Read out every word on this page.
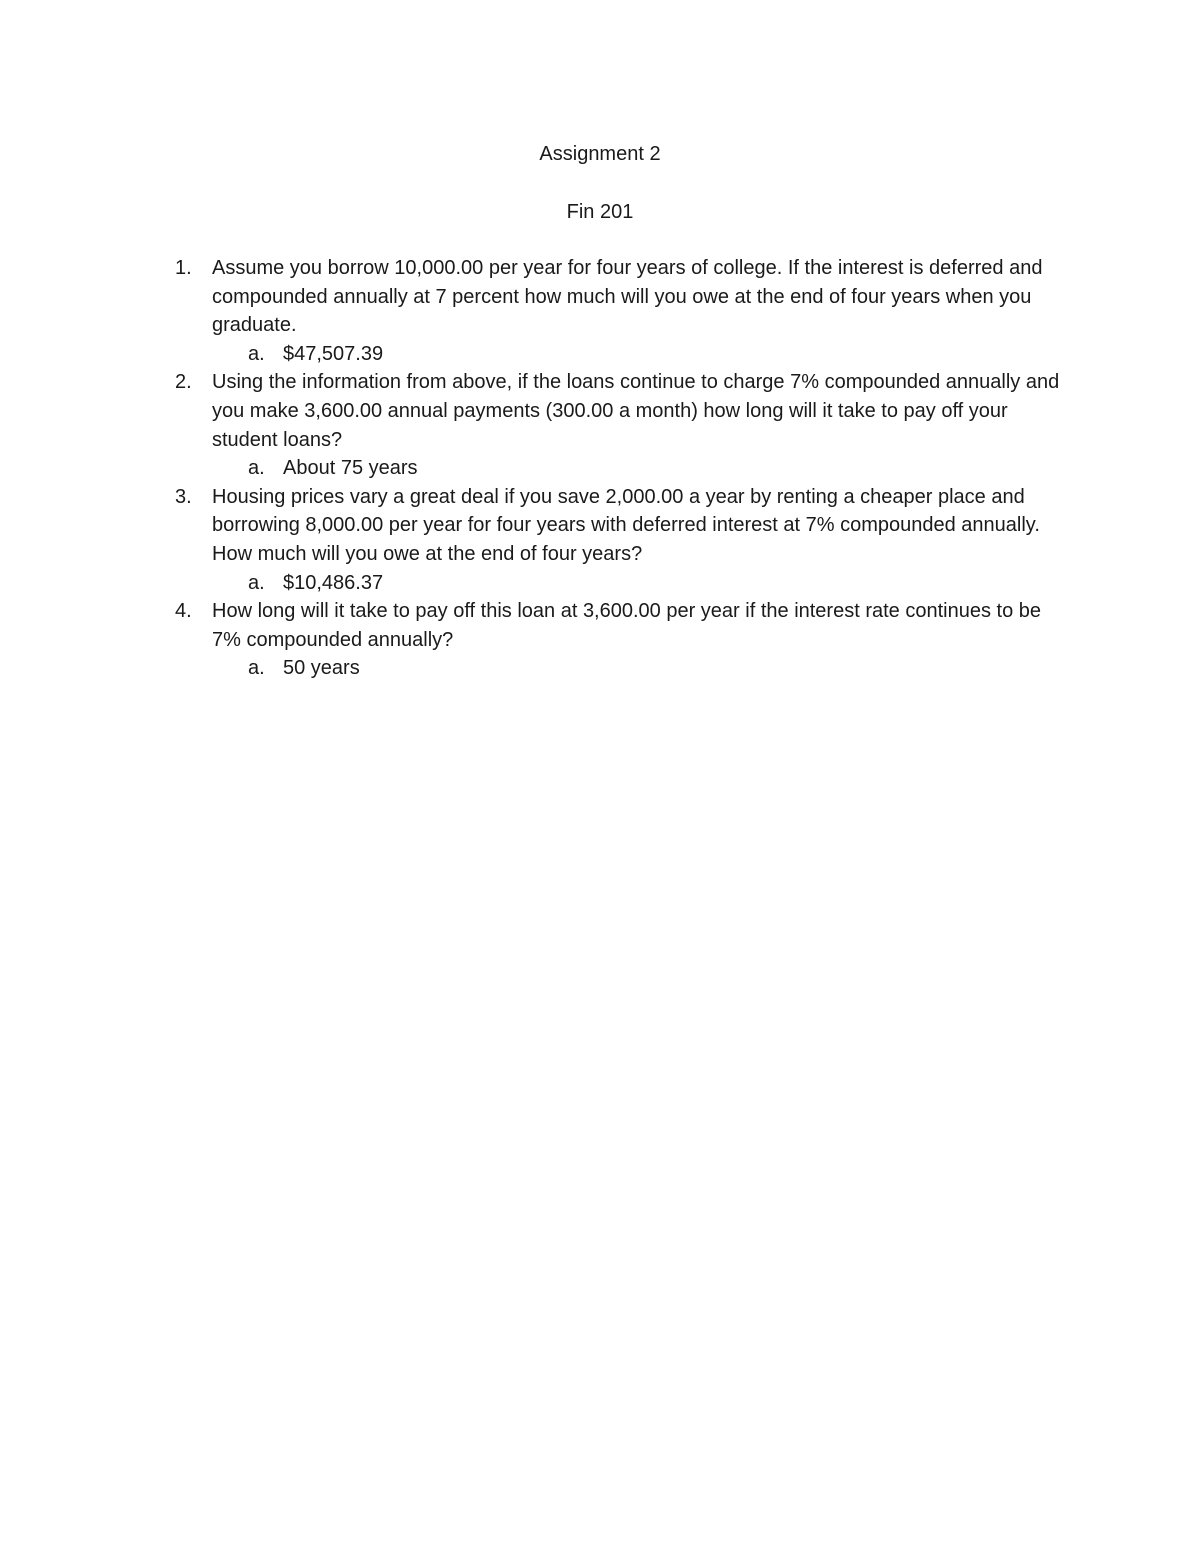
Assignment 2
Fin 201
1. Assume you borrow 10,000.00 per year for four years of college. If the interest is deferred and compounded annually at 7 percent how much will you owe at the end of four years when you graduate.
a. $47,507.39
2. Using the information from above, if the loans continue to charge 7% compounded annually and you make 3,600.00 annual payments (300.00 a month) how long will it take to pay off your student loans?
a. About 75 years
3. Housing prices vary a great deal if you save 2,000.00 a year by renting a cheaper place and borrowing 8,000.00 per year for four years with deferred interest at 7% compounded annually. How much will you owe at the end of four years?
a. $10,486.37
4. How long will it take to pay off this loan at 3,600.00 per year if the interest rate continues to be 7% compounded annually?
a. 50 years
